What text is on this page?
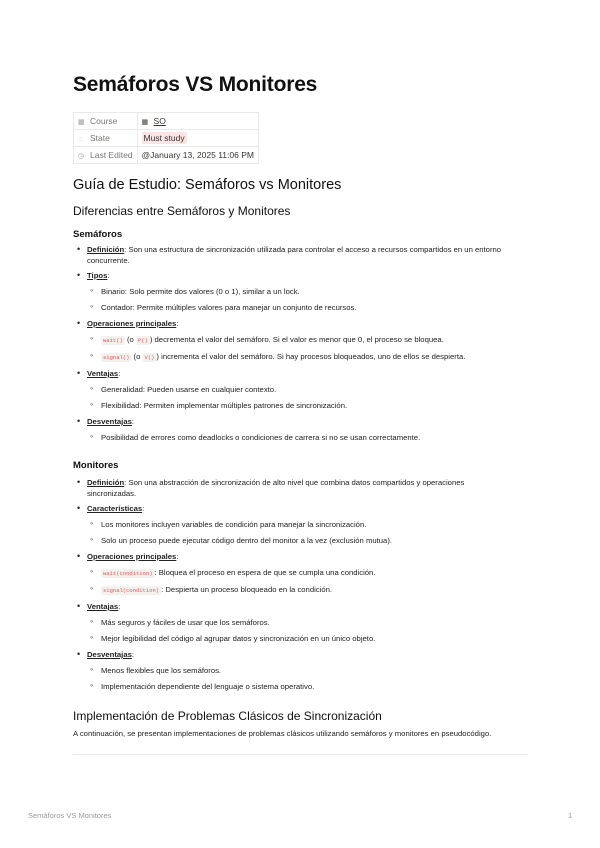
Semáforos VS Monitores
▦ Course	▦ SO
◌ State	Must study
◷ Last Edited	@January 13, 2025 11:06 PM
Guía de Estudio: Semáforos vs Monitores
Diferencias entre Semáforos y Monitores
Semáforos
• Definición: Son una estructura de sincronización utilizada para controlar el acceso a recursos compartidos en un entorno concurrente.
• Tipos:
◦ Binario: Solo permite dos valores (0 o 1), similar a un lock.
◦ Contador: Permite múltiples valores para manejar un conjunto de recursos.
• Operaciones principales:
◦ wait() (o P() ) decrementa el valor del semáforo. Si el valor es menor que 0, el proceso se bloquea.
◦ signal() (o V() ) incrementa el valor del semáforo. Si hay procesos bloqueados, uno de ellos se despierta.
• Ventajas:
◦ Generalidad: Pueden usarse en cualquier contexto.
◦ Flexibilidad: Permiten implementar múltiples patrones de sincronización.
• Desventajas:
◦ Posibilidad de errores como deadlocks o condiciones de carrera si no se usan correctamente.
Monitores
• Definición: Son una abstracción de sincronización de alto nivel que combina datos compartidos y operaciones sincronizadas.
• Características:
◦ Los monitores incluyen variables de condición para manejar la sincronización.
◦ Solo un proceso puede ejecutar código dentro del monitor a la vez (exclusión mutua).
• Operaciones principales:
◦ wait(condition) : Bloquea el proceso en espera de que se cumpla una condición.
◦ signal(condition) : Despierta un proceso bloqueado en la condición.
• Ventajas:
◦ Más seguros y fáciles de usar que los semáforos.
◦ Mejor legibilidad del código al agrupar datos y sincronización en un único objeto.
• Desventajas:
◦ Menos flexibles que los semáforos.
◦ Implementación dependiente del lenguaje o sistema operativo.
Implementación de Problemas Clásicos de Sincronización

A continuación, se presentan implementaciones de problemas clásicos utilizando semáforos y monitores en pseudocódigo.

Semáforos VS Monitores	1
